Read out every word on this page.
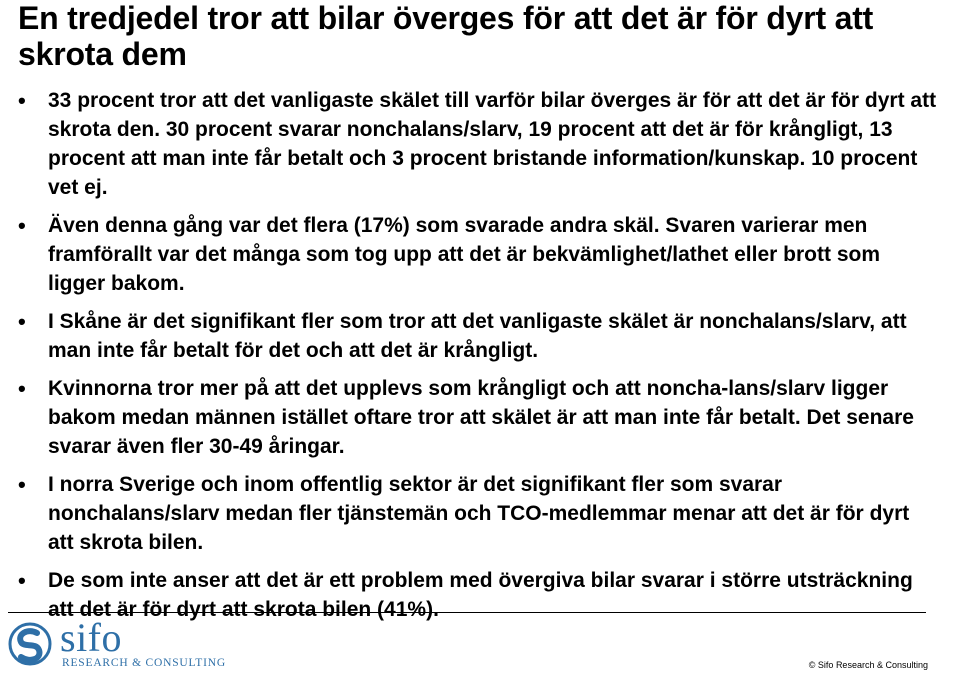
En tredjedel tror att bilar överges för att det är för dyrt att skrota dem
• 33 procent tror att det vanligaste skälet till varför bilar överges är för att det är för dyrt att skrota den. 30 procent svarar nonchalans/slarv, 19 procent att det är för krångligt, 13 procent att man inte får betalt och 3 procent bristande information/kunskap. 10 procent vet ej.
• Även denna gång var det flera (17%) som svarade andra skäl. Svaren varierar men framförallt var det många som tog upp att det är bekvämlighet/lathet eller brott som ligger bakom.
• I Skåne är det signifikant fler som tror att det vanligaste skälet är nonchalans/slarv, att man inte får betalt för det och att det är krångligt.
• Kvinnorna tror mer på att det upplevs som krångligt och att noncha-lans/slarv ligger bakom medan männen istället oftare tror att skälet är att man inte får betalt. Det senare svarar även fler 30-49 åringar.
• I norra Sverige och inom offentlig sektor är det signifikant fler som svarar nonchalans/slarv medan fler tjänstemän och TCO-medlemmar menar att det är för dyrt att skrota bilen.
• De som inte anser att det är ett problem med övergiva bilar svarar i större utsträckning att det är för dyrt att skrota bilen (41%).
sifo
RESEARCH & CONSULTING	© Sifo Research & Consulting
